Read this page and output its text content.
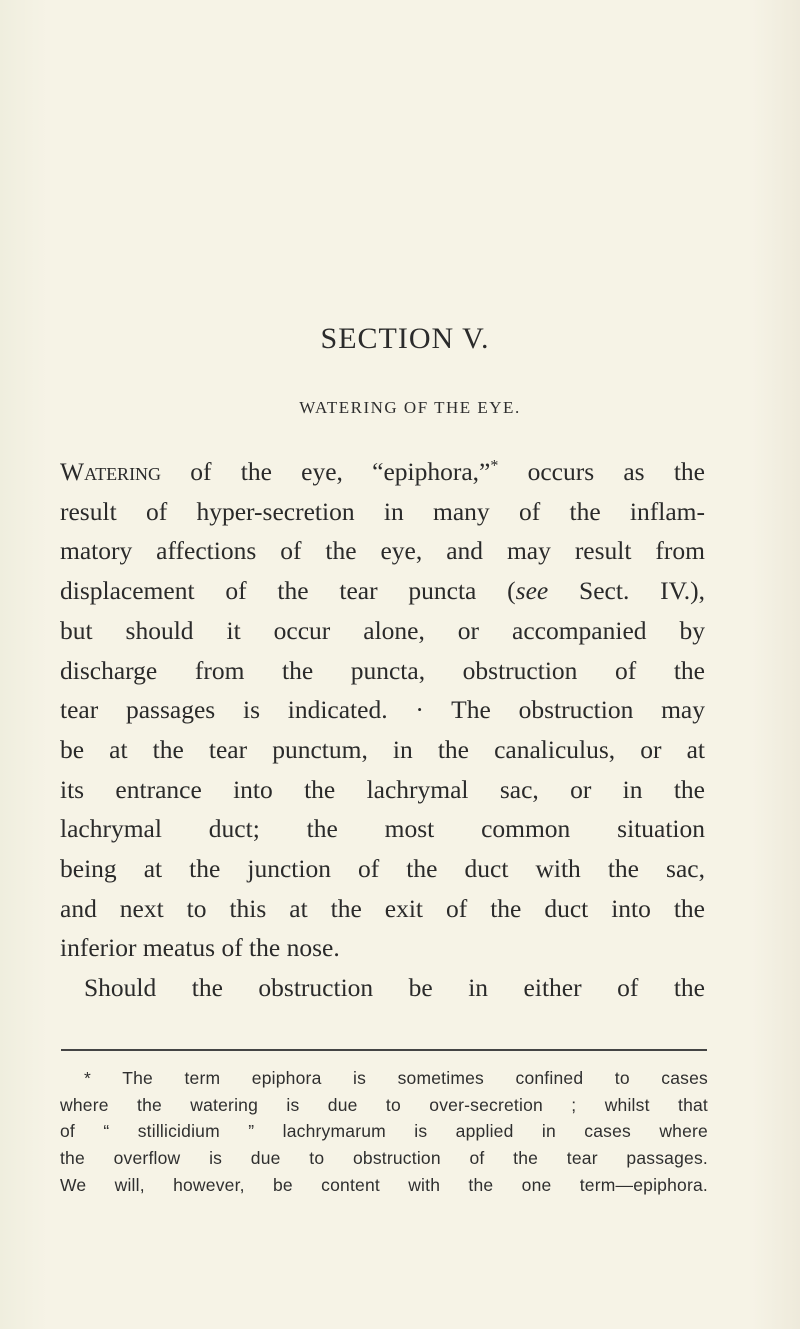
SECTION V.
WATERING OF THE EYE.

Watering of the eye, “epiphora,”* occurs as the
result of hyper-secretion in many of the inflam-
matory affections of the eye, and may result from
displacement of the tear puncta (see Sect. IV.),
but should it occur alone, or accompanied by
discharge from the puncta, obstruction of the
tear passages is indicated. · The obstruction may
be at the tear punctum, in the canaliculus, or at
its entrance into the lachrymal sac, or in the
lachrymal duct; the most common situation
being at the junction of the duct with the sac,
and next to this at the exit of the duct into the
inferior meatus of the nose.
Should the obstruction be in either of the

* The term epiphora is sometimes confined to cases
where the watering is due to over-secretion ; whilst that
of “ stillicidium ” lachrymarum is applied in cases where
the overflow is due to obstruction of the tear passages.
We will, however, be content with the one term—epiphora.
